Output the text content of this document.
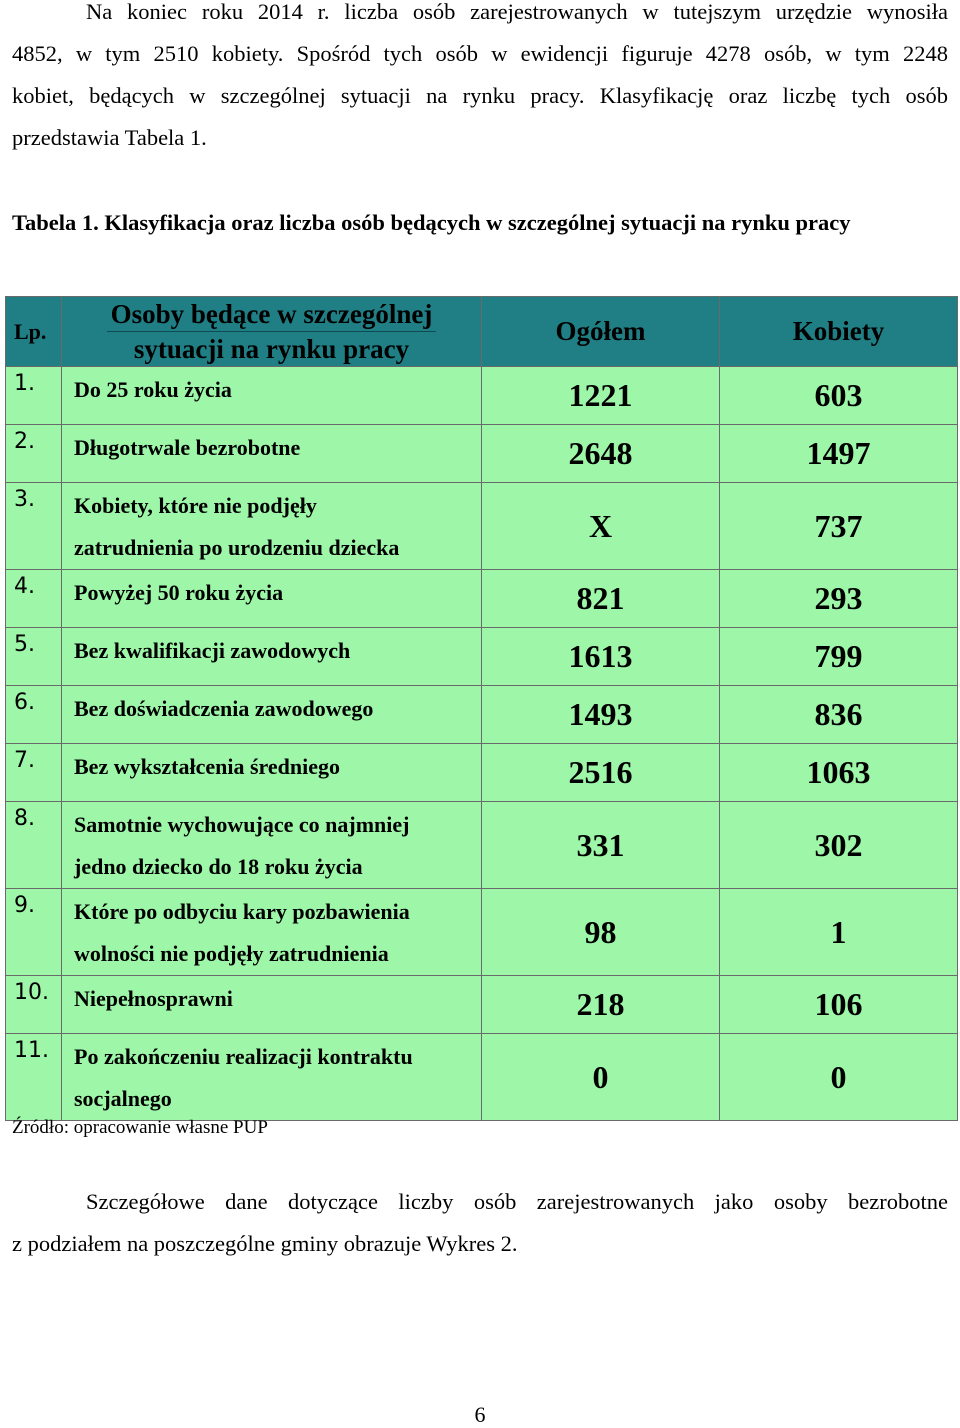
Na koniec roku 2014 r. liczba osób zarejestrowanych w tutejszym urzędzie wynosiła
4852, w tym 2510 kobiety. Spośród tych osób w ewidencji figuruje 4278 osób, w tym 2248
kobiet, będących w szczególnej sytuacji na rynku pracy. Klasyfikację oraz liczbę tych osób
przedstawia Tabela 1.
Tabela 1. Klasyfikacja oraz liczba osób będących w szczególnej sytuacji na rynku pracy
Lp.	Osoby będące w szczególnej
sytuacji na rynku pracy	Ogółem	Kobiety
1.	Do 25 roku życia	1221	603
2.	Długotrwale bezrobotne	2648	1497
3.	Kobiety, które nie podjęły
zatrudnienia po urodzeniu dziecka	X	737
4.	Powyżej 50 roku życia	821	293
5.	Bez kwalifikacji zawodowych	1613	799
6.	Bez doświadczenia zawodowego	1493	836
7.	Bez wykształcenia średniego	2516	1063
8.	Samotnie wychowujące co najmniej
jedno dziecko do 18 roku życia	331	302
9.	Które po odbyciu kary pozbawienia
wolności nie podjęły zatrudnienia	98	1
10.	Niepełnosprawni	218	106
11.	Po zakończeniu realizacji kontraktu
socjalnego	0	0
Źródło: opracowanie własne PUP
Szczegółowe dane dotyczące liczby osób zarejestrowanych jako osoby bezrobotne
z podziałem na poszczególne gminy obrazuje Wykres 2.
6
